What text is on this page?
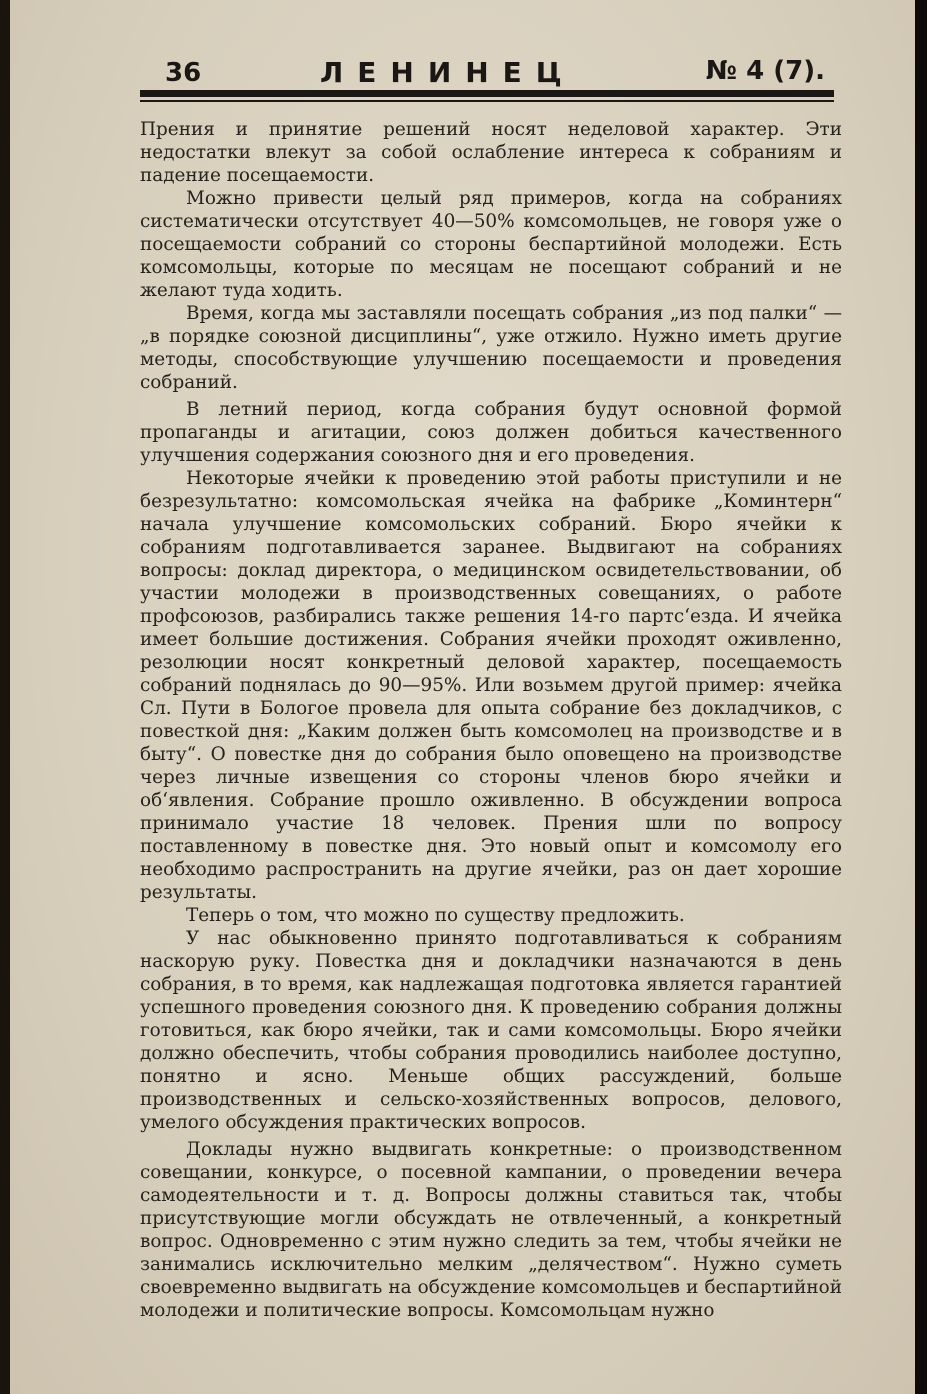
36	ЛЕНИНЕЦ	№ 4 (7).

Прения и принятие решений носят неделовой характер. Эти недостатки влекут за собой ослабление интереса к собраниям и падение посещаемости.

Можно привести целый ряд примеров, когда на собраниях систематически отсутствует 40—50% комсомольцев, не говоря уже о посещаемости собраний со стороны беспартийной молодежи. Есть комсомольцы, которые по месяцам не посещают собраний и не желают туда ходить.

Время, когда мы заставляли посещать собрания „из под палки“ — „в порядке союзной дисциплины“, уже отжило. Нужно иметь другие методы, способствующие улучшению посещаемости и проведения собраний.

В летний период, когда собрания будут основной формой пропаганды и агитации, союз должен добиться качественного улучшения содержания союзного дня и его проведения.

Некоторые ячейки к проведению этой работы приступили и не безрезультатно: комсомольская ячейка на фабрике „Коминтерн“ начала улучшение комсомольских собраний. Бюро ячейки к собраниям подготавливается заранее. Выдвигают на собраниях вопросы: доклад директора, о медицинском освидетельствовании, об участии молодежи в производственных совещаниях, о работе профсоюзов, разбирались также решения 14-го партс‘езда. И ячейка имеет большие достижения. Собрания ячейки проходят оживленно, резолюции носят конкретный деловой характер, посещаемость собраний поднялась до 90—95%. Или возьмем другой пример: ячейка Сл. Пути в Бологое провела для опыта собрание без докладчиков, с повесткой дня: „Каким должен быть комсомолец на производстве и в быту“. О повестке дня до собрания было оповещено на производстве через личные извещения со стороны членов бюро ячейки и об‘явления. Собрание прошло оживленно. В обсуждении вопроса принимало участие 18 человек. Прения шли по вопросу поставленному в повестке дня. Это новый опыт и комсомолу его необходимо распространить на другие ячейки, раз он дает хорошие результаты.

Теперь о том, что можно по существу предложить.

У нас обыкновенно принято подготавливаться к собраниям наскорую руку. Повестка дня и докладчики назначаются в день собрания, в то время, как надлежащая подготовка является гарантией успешного проведения союзного дня. К проведению собрания должны готовиться, как бюро ячейки, так и сами комсомольцы. Бюро ячейки должно обеспечить, чтобы собрания проводились наиболее доступно, понятно и ясно. Меньше общих рассуждений, больше производственных и сельско-хозяйственных вопросов, делового, умелого обсуждения практических вопросов.

Доклады нужно выдвигать конкретные: о производственном совещании, конкурсе, о посевной кампании, о проведении вечера самодеятельности и т. д. Вопросы должны ставиться так, чтобы присутствующие могли обсуждать не отвлеченный, а конкретный вопрос. Одновременно с этим нужно следить за тем, чтобы ячейки не занимались исключительно мелким „делячеством“. Нужно суметь своевременно выдвигать на обсуждение комсомольцев и беспартийной молодежи и политические вопросы. Комсомольцам нужно
